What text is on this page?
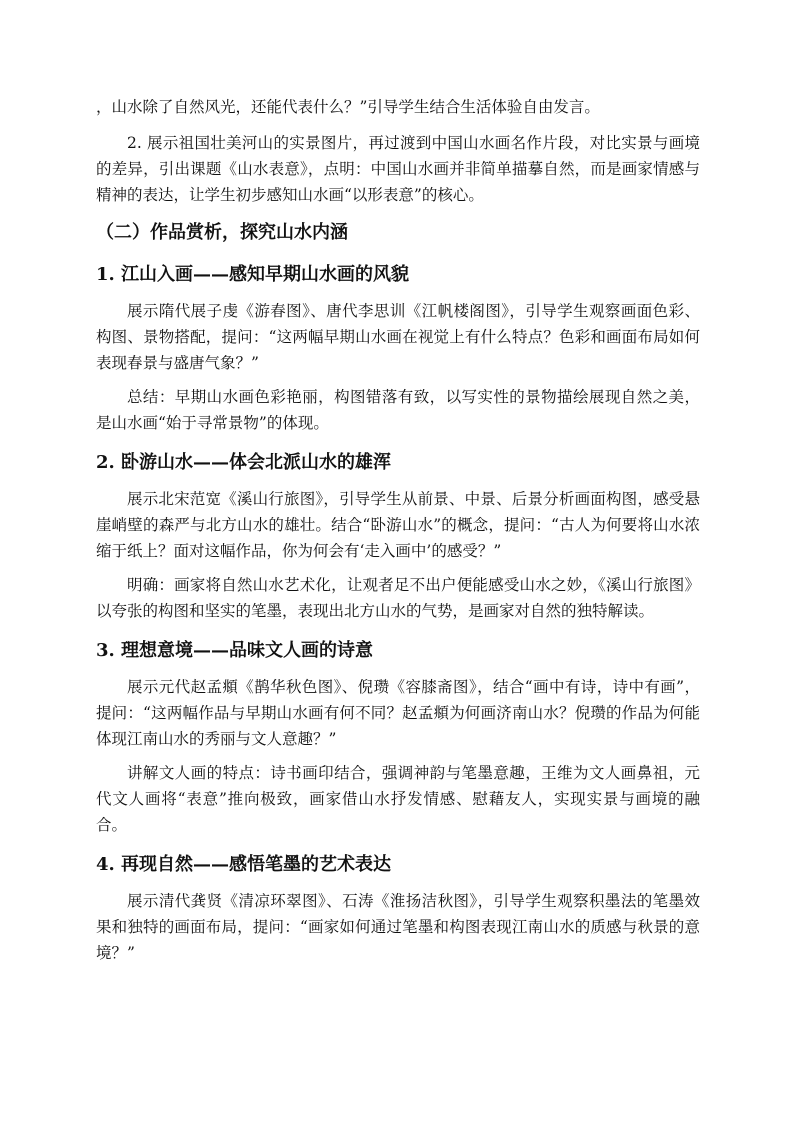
，山水除了自然风光，还能代表什么？”引导学生结合生活体验自由发言。

2. 展示祖国壮美河山的实景图片，再过渡到中国山水画名作片段，对比实景与画境的差异，引出课题《山水表意》，点明：中国山水画并非简单描摹自然，而是画家情感与精神的表达，让学生初步感知山水画“以形表意”的核心。

（二）作品赏析，探究山水内涵
1. 江山入画——感知早期山水画的风貌

展示隋代展子虔《游春图》、唐代李思训《江帆楼阁图》，引导学生观察画面色彩、构图、景物搭配，提问：“这两幅早期山水画在视觉上有什么特点？色彩和画面布局如何表现春景与盛唐气象？”

总结：早期山水画色彩艳丽，构图错落有致，以写实性的景物描绘展现自然之美，是山水画“始于寻常景物”的体现。

2. 卧游山水——体会北派山水的雄浑

展示北宋范宽《溪山行旅图》，引导学生从前景、中景、后景分析画面构图，感受悬崖峭壁的森严与北方山水的雄壮。结合“卧游山水”的概念，提问：“古人为何要将山水浓缩于纸上？面对这幅作品，你为何会有‘走入画中’的感受？”

明确：画家将自然山水艺术化，让观者足不出户便能感受山水之妙，《溪山行旅图》以夸张的构图和坚实的笔墨，表现出北方山水的气势，是画家对自然的独特解读。

3. 理想意境——品味文人画的诗意

展示元代赵孟頫《鹊华秋色图》、倪瓒《容膝斋图》，结合“画中有诗，诗中有画”，提问：“这两幅作品与早期山水画有何不同？赵孟頫为何画济南山水？倪瓒的作品为何能体现江南山水的秀丽与文人意趣？”

讲解文人画的特点：诗书画印结合，强调神韵与笔墨意趣，王维为文人画鼻祖，元代文人画将“表意”推向极致，画家借山水抒发情感、慰藉友人，实现实景与画境的融合。

4. 再现自然——感悟笔墨的艺术表达

展示清代龚贤《清凉环翠图》、石涛《淮扬洁秋图》，引导学生观察积墨法的笔墨效果和独特的画面布局，提问：“画家如何通过笔墨和构图表现江南山水的质感与秋景的意境？”
